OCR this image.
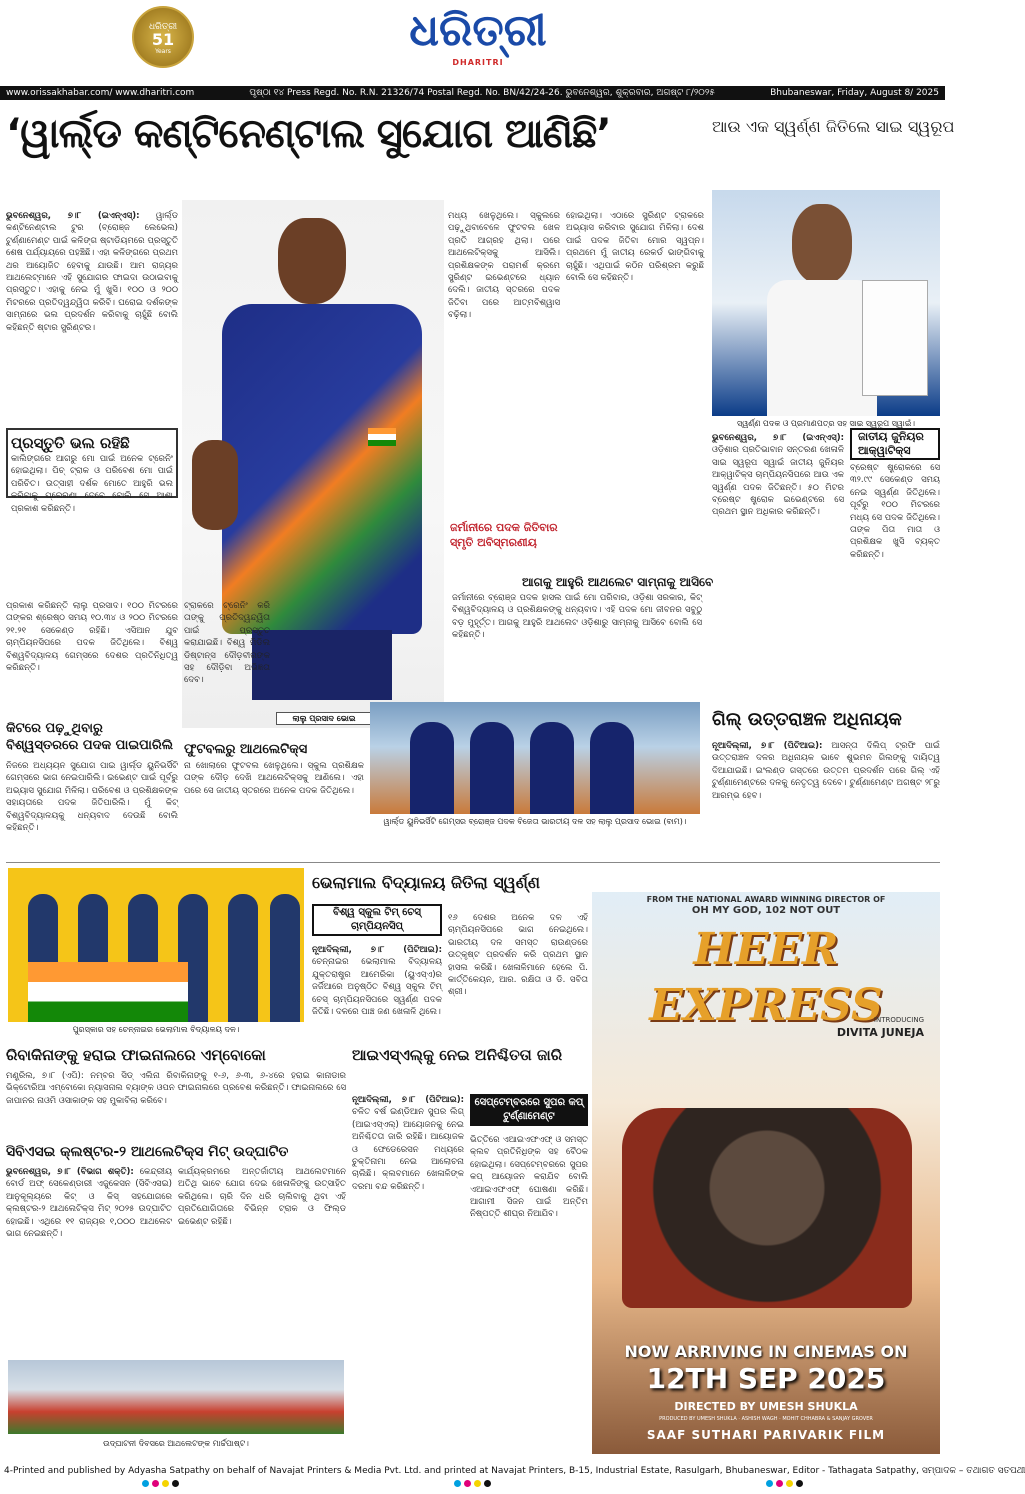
ଧରିତ୍ରୀ
51
Years	ଧରିତ୍ରୀ
DHARITRI
www.orissakhabar.com/ www.dharitri.com	ପୃଷ୍ଠା ୧୪ Press Regd. No. R.N. 21326/74 Postal Regd. No. BN/42/24-26. ଭୁବନେଶ୍ୱର, ଶୁକ୍ରବାର, ଅଗଷ୍ଟ ୮/୨୦୨୫	Bhubaneswar, Friday, August 8/ 2025
‘ୱାର୍ଲ୍ଡ କଣ୍ଟିନେଣ୍ଟାଲ ସୁଯୋଗ ଆଣିଛି’	ଆଉ ଏକ ସ୍ୱର୍ଣ୍ଣ ଜିତିଲେ ସାଇ ସ୍ୱରୂପ
ଭୁବନେଶ୍ୱର, ୭।୮ (ଇଏନ୍‌ଏସ୍‌): ୱାର୍ଲ୍ଡ କଣ୍ଟିନେଣ୍ଟାଲ ଟୁର (ବ୍ରୋଞ୍ଜ ଲେଭେଲ) ଟୁର୍ଣ୍ଣାମେଣ୍ଟ ପାଇଁ କଳିଙ୍ଗ ଷ୍ଟାଡିୟମରେ ପ୍ରସ୍ତୁତି ଶେଷ ପର୍ଯ୍ୟାୟରେ ପହଞ୍ଚିଛି। ଏହା କଳିଙ୍ଗରେ ପ୍ରଥମ ଥର ଆୟୋଜିତ ହେବାକୁ ଯାଉଛି। ଆମ ରାଜ୍ୟର ଆଥଲେଟ୍‌ମାନେ ଏହି ସୁଯୋଗର ଫାଇଦା ଉଠାଇବାକୁ ପ୍ରସ୍ତୁତ। ଏହାକୁ ନେଇ ମୁଁ ଖୁସି। ୧୦୦ ଓ ୨୦୦ ମିଟରରେ ପ୍ରତିଦ୍ୱନ୍ଦ୍ୱିତା କରିବି। ଘରୋଇ ଦର୍ଶକଙ୍କ ସାମ୍ନାରେ ଭଲ ପ୍ରଦର୍ଶନ କରିବାକୁ ଚାହୁଁଛି ବୋଲି କହିଛନ୍ତି ଷ୍ଟାର ସ୍ପ୍ରିଣ୍ଟର।
ଲାଲୁ ପ୍ରସାଦ ଭୋଇ
ମଧ୍ୟ ଖେଳୁଥିଲେ। ସ୍କୁଲରେ ପଢ଼ୁଥିବାବେଳେ ଫୁଟବଲ ଖେଳ ପ୍ରତି ଆଗ୍ରହ ଥିଲା। ପରେ ଆଥଲେଟିକ୍ସକୁ ଆସିଲି। ପ୍ରଶିକ୍ଷକଙ୍କ ପରାମର୍ଶ କ୍ରମେ ସ୍ପ୍ରିଣ୍ଟ ଇଭେଣ୍ଟରେ ଧ୍ୟାନ ଦେଲି। ଜାତୀୟ ସ୍ତରରେ ପଦକ ଜିତିବା ପରେ ଆତ୍ମବିଶ୍ୱାସ ବଢ଼ିଲା।
ହୋଇଥିଲା। ଏଠାରେ ସ୍ପ୍ରିଣ୍ଟ ଟ୍ରାକରେ ଅଭ୍ୟାସ କରିବାର ସୁଯୋଗ ମିଳିଲା। ଦେଶ ପାଇଁ ପଦକ ଜିତିବା ମୋର ସ୍ୱପ୍ନ। ପ୍ରଥମେ ମୁଁ ଜାତୀୟ ରେକର୍ଡ ଭାଙ୍ଗିବାକୁ ଚାହୁଁଛି। ଏଥିପାଇଁ କଠିନ ପରିଶ୍ରମ କରୁଛି ବୋଲି ସେ କହିଛନ୍ତି।
ପ୍ରସ୍ତୁତି ଭଲ ରହିଛି
କାଲିଙ୍ଗରେ ଆଗରୁ ମୋ ପାଇଁ ଅନେକ ଟ୍ରେନିଂ ହୋଇଥିଲା। ପିଚ୍‌ ଟ୍ରାକ ଓ ପରିବେଶ ମୋ ପାଇଁ ପରିଚିତ। ଉତ୍ସାହୀ ଦର୍ଶକ ମୋତେ ଆହୁରି ଭଲ କରିବାକୁ ପ୍ରେରଣା ଦେବେ ବୋଲି ସେ ଆଶା ପ୍ରକାଶ କରିଛନ୍ତି।
ପ୍ରକାଶ କରିଛନ୍ତି ଲାଲୁ ପ୍ରସାଦ। ୧୦୦ ମିଟରରେ ତାଙ୍କର ଶ୍ରେଷ୍ଠ ସମୟ ୧୦.୩୪ ଓ ୨୦୦ ମିଟରରେ ୨୧.୨୧ ସେକେଣ୍ଡ ରହିଛି। ଏସିଆନ ଯୁବ ଚାମ୍ପିୟନସିପରେ ପଦକ ଜିତିଥିଲେ। ବିଶ୍ୱ ବିଶ୍ୱବିଦ୍ୟାଳୟ ଗେମ୍ସରେ ଦେଶର ପ୍ରତିନିଧିତ୍ୱ କରିଛନ୍ତି।
ଟ୍ରାକରେ ଟ୍ରେନିଂ କରି ତାଙ୍କୁ ପ୍ରତିଦ୍ୱନ୍ଦ୍ୱିତା ପାଇଁ ପ୍ରସ୍ତୁତ କରାଯାଇଛି। ବିଶ୍ୱ ମିଡିଲ ଡିଷ୍ଟାନ୍ସ ଦୌଡ଼ବୀରଙ୍କ ସହ ଦୌଡ଼ିବା ଅଭିଜ୍ଞତା ଦେବ।
ଜର୍ମାନୀରେ ପଦକ ଜିତିବାର ସ୍ମୃତି ଅବିସ୍ମରଣୀୟ
ଆଗକୁ ଆହୁରି ଆଥଲେଟ ସାମ୍ନାକୁ ଆସିବେ
ଜର୍ମାନୀରେ ବ୍ରୋଞ୍ଜ ପଦକ ହାସଲ ପାଇଁ ମୋ ପରିବାର, ଓଡ଼ିଶା ସରକାର, କିଟ୍‌ ବିଶ୍ୱବିଦ୍ୟାଳୟ ଓ ପ୍ରଶିକ୍ଷକଙ୍କୁ ଧନ୍ୟବାଦ। ଏହି ପଦକ ମୋ ଜୀବନର ସବୁଠୁ ବଡ଼ ମୁହୂର୍ତ୍ତ। ଆଗକୁ ଆହୁରି ଆଥଲେଟ ଓଡ଼ିଶାରୁ ସାମ୍ନାକୁ ଆସିବେ ବୋଲି ସେ କହିଛନ୍ତି।
କିଟରେ ପଢ଼ୁଥିବାରୁ ବିଶ୍ୱସ୍ତରରେ ପଦକ ପାଇପାରିଲି
ନିଜରେ ଅଧ୍ୟୟନ ସୁଯୋଗ ପାଇ ୱାର୍ଲ୍ଡ ୟୁନିଭର୍ସିଟି ଗେମ୍ସରେ ଭାଗ ନେଇପାରିଲି। ଇଭେଣ୍ଟ ପାଇଁ ପୂର୍ବରୁ ଅଭ୍ୟାସ ସୁଯୋଗ ମିଳିଲା। ପରିବେଶ ଓ ପ୍ରଶିକ୍ଷକଙ୍କ ସହାୟତାରେ ପଦକ ଜିତିପାରିଲି। ମୁଁ କିଟ୍‌ ବିଶ୍ୱବିଦ୍ୟାଳୟକୁ ଧନ୍ୟବାଦ ଦେଉଛି ବୋଲି କହିଛନ୍ତି।
ଫୁଟବଲରୁ ଆଥଲେଟିକ୍ସ
ନା ଖୋଲାରେ ଫୁଟବଲ ଖେଳୁଥିଲେ। ସ୍କୁଲ ପ୍ରଶିକ୍ଷକ ତାଙ୍କ ଦୌଡ଼ ଦେଖି ଆଥଲେଟିକ୍ସକୁ ଆଣିଲେ। ଏହା ପରେ ସେ ଜାତୀୟ ସ୍ତରରେ ଅନେକ ପଦକ ଜିତିଥିଲେ।
ୱାର୍ଲ୍ଡ ୟୁନିଭର୍ସିଟି ଗେମ୍ସର ବ୍ରୋଞ୍ଜ ପଦକ ବିଜେତା ଭାରତୀୟ ଦଳ ସହ ଲାଲୁ ପ୍ରସାଦ ଭୋଇ (ବାମ)।
ସ୍ୱର୍ଣ୍ଣ ପଦକ ଓ ପ୍ରମାଣପତ୍ର ସହ ସାଇ ସ୍ୱରୂପ ସ୍ୱାଇଁ।
ଭୁବନେଶ୍ୱର, ୭।୮ (ଇଏନ୍‌ଏସ୍‌): ଓଡ଼ିଶାର ପ୍ରତିଭାବାନ ସନ୍ତରଣ ଖେଳାଳି ସାଇ ସ୍ୱରୂପ ସ୍ୱାଇଁ ଜାତୀୟ ଜୁନିୟର ଆକ୍ୱାଟିକ୍ସ ଚାମ୍ପିୟନସିପରେ ଆଉ ଏକ ସ୍ୱର୍ଣ୍ଣ ପଦକ ଜିତିଛନ୍ତି। ୫୦ ମିଟର ବ୍ରେଷ୍ଟ ଷ୍ଟ୍ରୋକ ଇଭେଣ୍ଟରେ ସେ ପ୍ରଥମ ସ୍ଥାନ ଅଧିକାର କରିଛନ୍ତି।
ଜାତୀୟ ଜୁନିୟର ଆକ୍ୱାଟିକ୍ସ
ବ୍ରେଷ୍ଟ ଷ୍ଟ୍ରୋକରେ ସେ ୩୨.୯୯ ସେକେଣ୍ଡ ସମୟ ନେଇ ସ୍ୱର୍ଣ୍ଣ ଜିତିଥିଲେ। ପୂର୍ବରୁ ୧୦୦ ମିଟରରେ ମଧ୍ୟ ସେ ପଦକ ଜିତିଥିଲେ। ତାଙ୍କ ପିତା ମାତା ଓ ପ୍ରଶିକ୍ଷକ ଖୁସି ବ୍ୟକ୍ତ କରିଛନ୍ତି।
ଗିଲ୍ ଉତ୍ତରାଞ୍ଚଳ ଅଧିନାୟକ
ନୂଆଦିଲ୍ଲୀ, ୭।୮ (ପିଟିଆଇ): ଆସନ୍ତା ଦିଲିପ୍ ଟ୍ରଫି ପାଇଁ ଉତ୍ତରାଞ୍ଚଳ ଦଳର ଅଧିନାୟକ ଭାବେ ଶୁଭମନ ଗିଲଙ୍କୁ ଦାୟିତ୍ୱ ଦିଆଯାଇଛି। ଇଂଲଣ୍ଡ ଗସ୍ତରେ ଉତ୍ତମ ପ୍ରଦର୍ଶନ ପରେ ଗିଲ୍ ଏହି ଟୁର୍ଣ୍ଣାମେଣ୍ଟରେ ଦଳକୁ ନେତୃତ୍ୱ ଦେବେ। ଟୁର୍ଣ୍ଣାମେଣ୍ଟ ଅଗଷ୍ଟ ୨୮ରୁ ଆରମ୍ଭ ହେବ।
ପୁରସ୍କାର ସହ ଚେନ୍ନାଇର ଭେଲାମାଲ ବିଦ୍ୟାଳୟ ଦଳ।
ଭେଲାମାଲ ବିଦ୍ୟାଳୟ ଜିତିଲା ସ୍ୱର୍ଣ୍ଣ
ବିଶ୍ୱ ସ୍କୁଲ ଟିମ୍ ଚେସ୍ ଚାମ୍ପିୟନସିପ୍
ନୂଆଦିଲ୍ଲୀ, ୭।୮ (ପିଟିଆଇ): ଚେନ୍ନାଇର ଭେଲାମାଲ ବିଦ୍ୟାଳୟ ଯୁକ୍ତରାଷ୍ଟ୍ର ଆମେରିକା (ୟୁଏସ୍‌ଏ)ର ଜର୍ଜିଆରେ ଅନୁଷ୍ଠିତ ବିଶ୍ୱ ସ୍କୁଲ ଟିମ୍ ଚେସ୍ ଚାମ୍ପିୟନସିପରେ ସ୍ୱର୍ଣ୍ଣ ପଦକ ଜିତିଛି। ଦଳରେ ପାଞ୍ଚ ଜଣ ଖେଳାଳି ଥିଲେ।
୧୬ ଦେଶର ଅନେକ ଦଳ ଏହି ଚାମ୍ପିୟନସିପରେ ଭାଗ ନେଇଥିଲେ। ଭାରତୀୟ ଦଳ ସମସ୍ତ ରାଉଣ୍ଡରେ ଉତ୍କୃଷ୍ଟ ପ୍ରଦର୍ଶନ କରି ପ୍ରଥମ ସ୍ଥାନ ହାସଲ କରିଛି। ଖେଳାଳିମାନେ ହେଲେ ପି. କାର୍ତ୍ତିକେୟନ, ଆର. ରକ୍ଷିତା ଓ ଡି. ସବିତା ଶ୍ରୀ।
ରିବାକିନାଙ୍କୁ ହରାଇ ଫାଇନାଲରେ ଏମ୍‌ବୋକୋ
ମଣ୍ଟ୍ରିଲ, ୭।୮ (ଏପି): ନମ୍ବର ସିଡ୍ ଏଲିନା ରିବାକିନାଙ୍କୁ ୧-୬, ୬-୩, ୬-୪ରେ ହରାଇ କାନାଡାର ଭିକ୍ଟୋରିଆ ଏମ୍‌ବୋକୋ ନ୍ୟାସନାଲ ବ୍ୟାଙ୍କ ଓପନ ଫାଇନାଲରେ ପ୍ରବେଶ କରିଛନ୍ତି। ଫାଇନାଲରେ ସେ ଜାପାନର ନାଓମି ଓସାକାଙ୍କ ସହ ମୁକାବିଲା କରିବେ।
ସିବିଏସଇ କ୍ଲଷ୍ଟର-୨ ଆଥଲେଟିକ୍ସ ମିଟ୍ ଉଦ୍‌ଘାଟିତ
ଭୁବନେଶ୍ୱର, ୭।୮ (ବିଭାଗ ଶକ୍ତି): କେନ୍ଦ୍ରୀୟ ବୋର୍ଡ ଅଫ୍ ସେକେଣ୍ଡାରୀ ଏଜୁକେସନ (ସିବିଏସଇ) ଆନୁକୂଲ୍ୟରେ କିଟ୍ ଓ କିସ୍ ସହଯୋଗରେ କ୍ଲଷ୍ଟର-୨ ଆଥଲେଟିକ୍ସ ମିଟ୍ ୨୦୨୫ ଉଦ୍‌ଘାଟିତ ହୋଇଛି। ଏଥିରେ ୧୧ ରାଜ୍ୟର ୧,୦୦୦ ଆଥଲେଟ ଭାଗ ନେଇଛନ୍ତି।
କାର୍ଯ୍ୟକ୍ରମରେ ଅନ୍ତର୍ଜାତୀୟ ଆଥଲେଟମାନେ ଅତିଥି ଭାବେ ଯୋଗ ଦେଇ ଖେଳାଳିଙ୍କୁ ଉତ୍ସାହିତ କରିଥିଲେ। ଚାରି ଦିନ ଧରି ଚାଲିବାକୁ ଥିବା ଏହି ପ୍ରତିଯୋଗିତାରେ ବିଭିନ୍ନ ଟ୍ରାକ ଓ ଫିଲ୍ଡ ଇଭେଣ୍ଟ ରହିଛି।
ଉଦ୍‌ଘାଟନୀ ଦିବସରେ ଆଥଲେଟଙ୍କ ମାର୍ଚ୍ଚପାଷ୍ଟ।
ଆଇଏସ୍‌ଏଲ୍‌କୁ ନେଇ ଅନିଶ୍ଚିତତା ଜାରି
ନୂଆଦିଲ୍ଲୀ, ୭।୮ (ପିଟିଆଇ): ଚଳିତ ବର୍ଷ ଇଣ୍ଡିଆନ ସୁପର ଲିଗ୍ (ଆଇଏସ୍‌ଏଲ୍) ଆୟୋଜନକୁ ନେଇ ଅନିଶ୍ଚିତତା ଜାରି ରହିଛି। ଆୟୋଜକ ଓ ଫେଡେରେସନ ମଧ୍ୟରେ ଚୁକ୍ତିନାମା ନେଇ ଆଲୋଚନା ଚାଲିଛି। କ୍ଲବମାନେ ଖେଳାଳିଙ୍କ ଦରମା ବନ୍ଦ କରିଛନ୍ତି।
ସେପ୍ଟେମ୍ବରରେ ସୁପର କପ୍ ଟୁର୍ଣ୍ଣାମେଣ୍ଟ
ଭିତ୍ତିରେ ଏଆଇଏଫଏଫ୍ ଓ ସମସ୍ତ କ୍ଲବ ପ୍ରତିନିଧିଙ୍କ ସହ ବୈଠକ ହୋଇଥିଲା। ସେପ୍ଟେମ୍ବରରେ ସୁପର କପ୍ ଆୟୋଜନ କରାଯିବ ବୋଲି ଏଆଇଏଫଏଫ୍ ଘୋଷଣା କରିଛି। ଆଗାମୀ ସିଜନ ପାଇଁ ଅନ୍ତିମ ନିଷ୍ପତ୍ତି ଶୀଘ୍ର ନିଆଯିବ।
FROM THE NATIONAL AWARD WINNING DIRECTOR OF
OH MY GOD, 102 NOT OUT
HEER EXPRESS
INTRODUCING
DIVITA JUNEJA
NOW ARRIVING IN CINEMAS ON
12TH SEP 2025
DIRECTED BY UMESH SHUKLA
PRODUCED BY UMESH SHUKLA · ASHISH WAGH · MOHIT CHHABRA & SANJAY GROVER
SAAF SUTHARI PARIVARIK FILM
4-Printed and published by Adyasha Satpathy on behalf of Navajat Printers & Media Pvt. Ltd. and printed at Navajat Printers, B-15, Industrial Estate, Rasulgarh, Bhubaneswar, Editor - Tathagata Satpathy, ସମ୍ପାଦକ – ତଥାଗତ ସତପଥୀ
